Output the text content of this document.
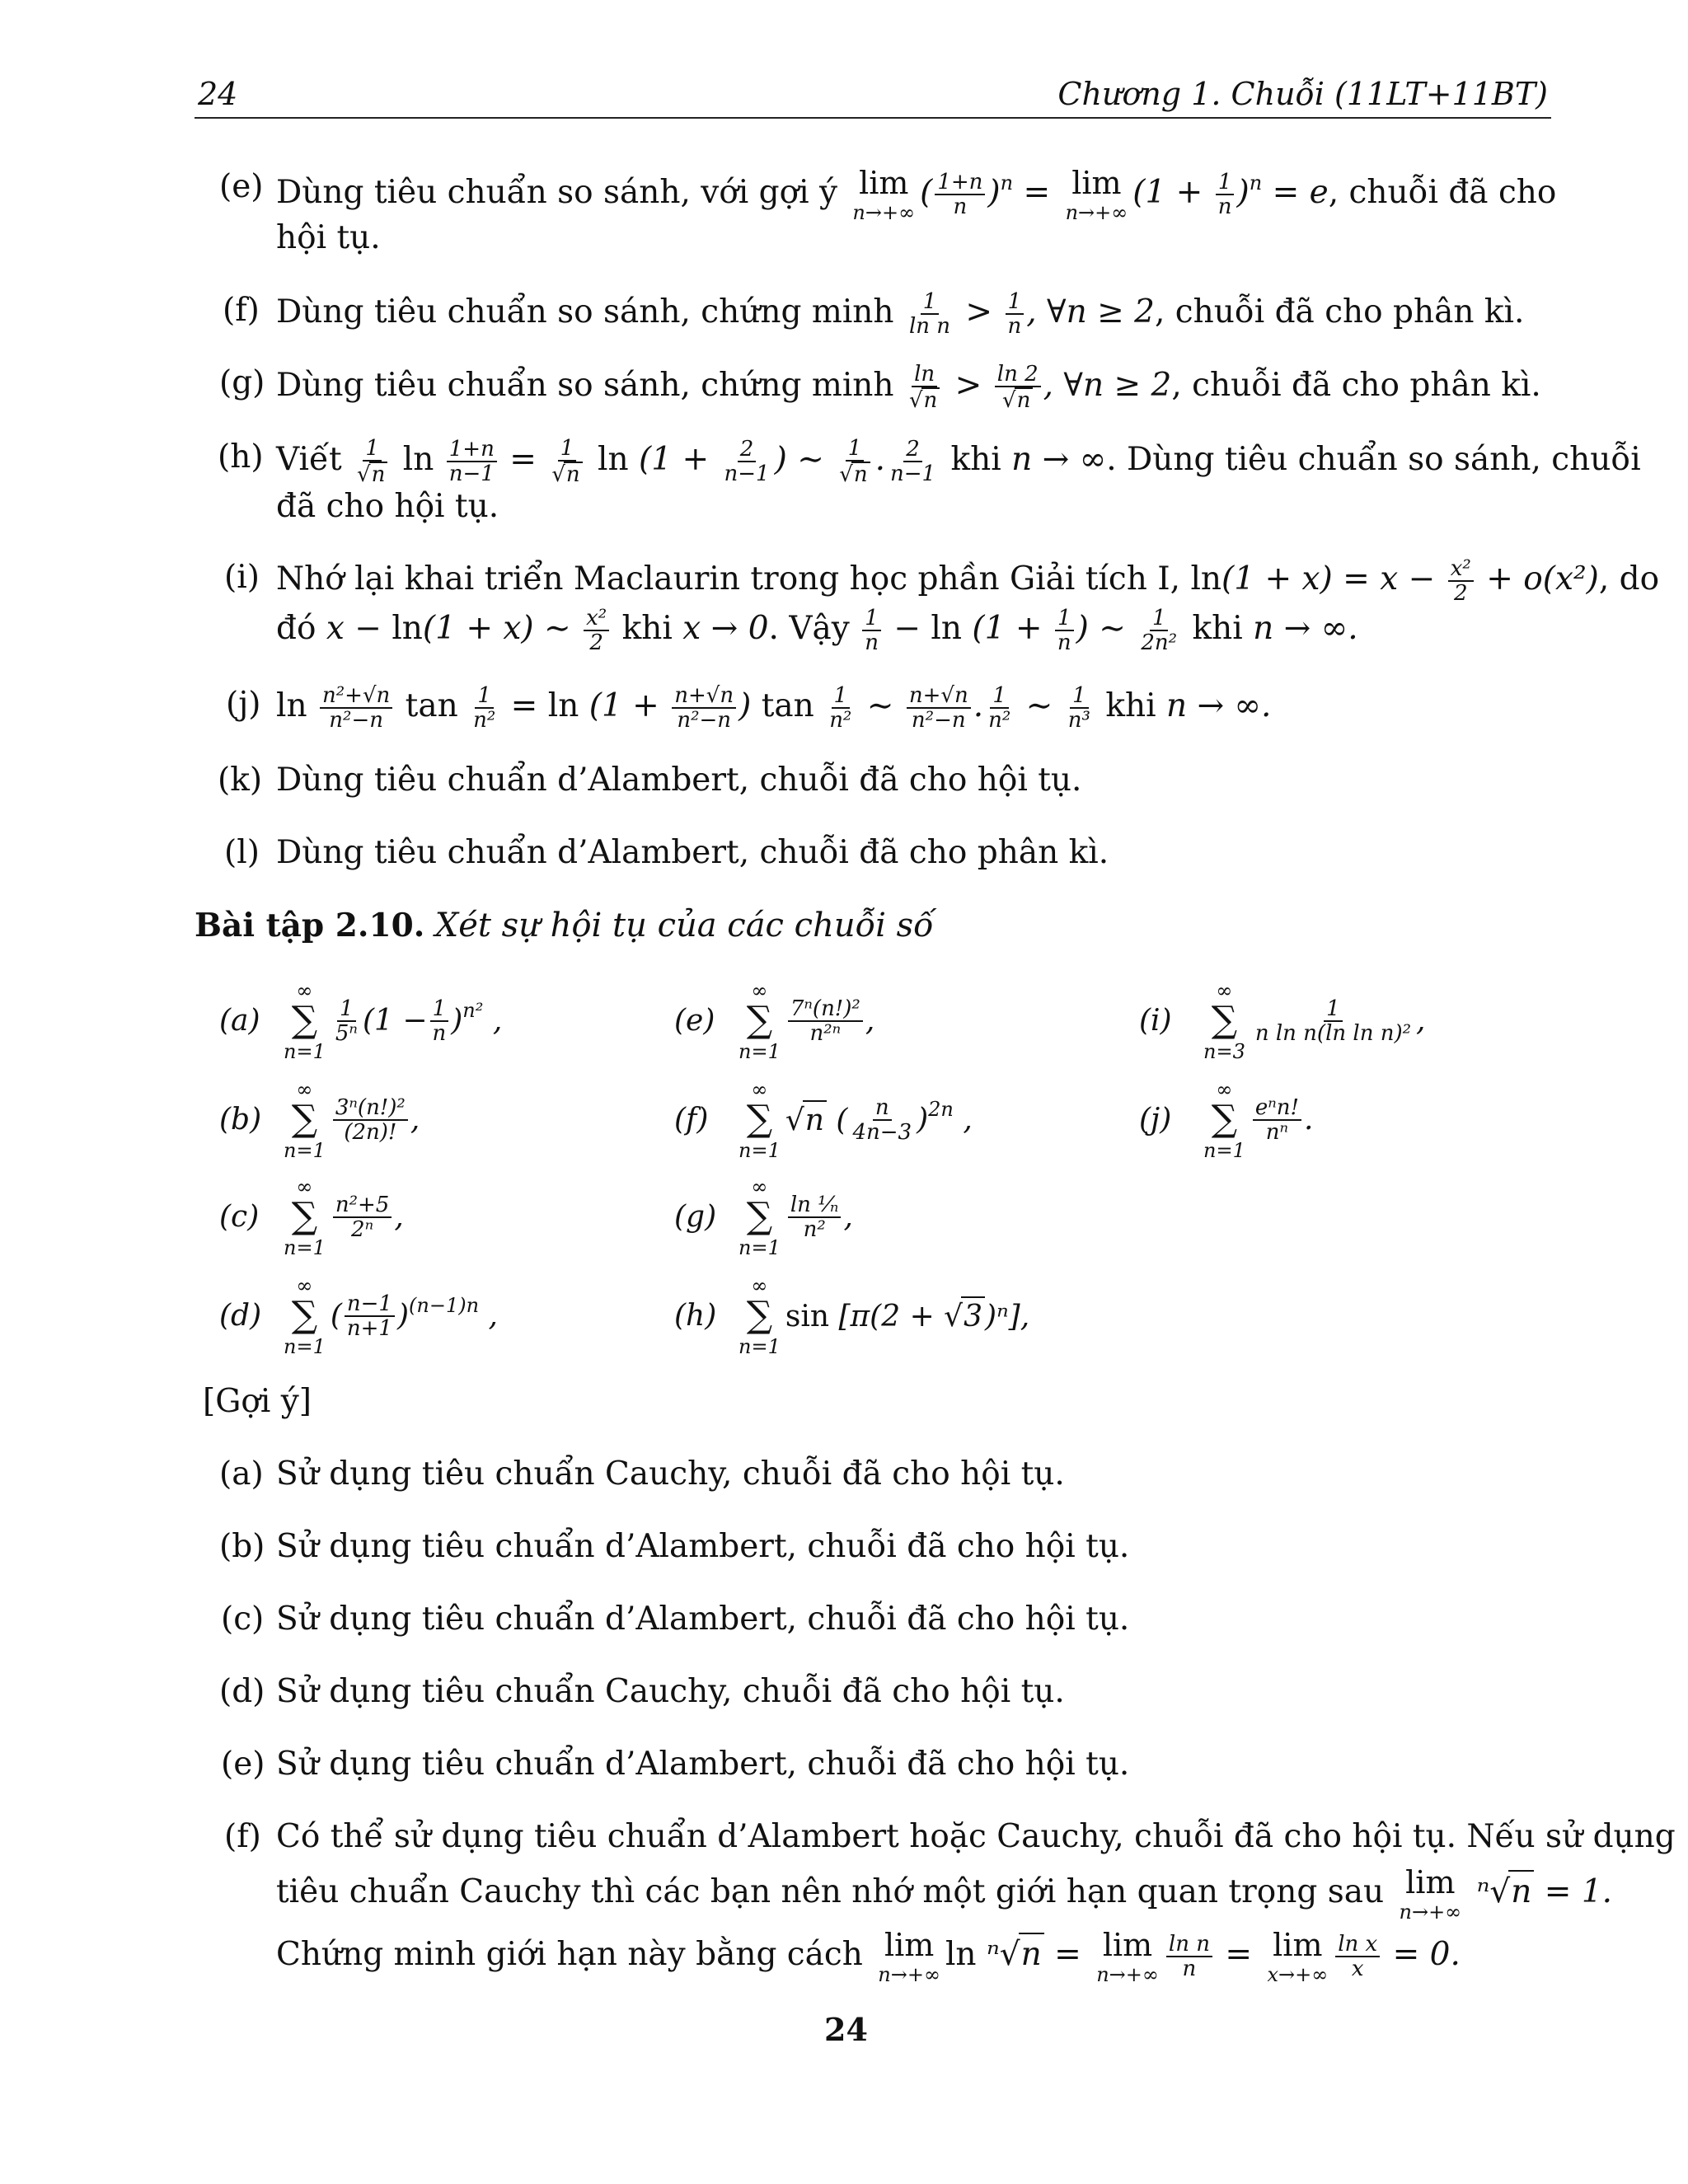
24	Chương 1. Chuỗi (11LT+11BT)
(e) Dùng tiêu chuẩn so sánh, với gợi ý lim
n→+∞
( $\frac{1+n}{n} )^n = \lim$
n→+∞
$(1 + \frac{1}{n} )^n = e$, chuỗi đã cho
hội tụ.
(f) Dùng tiêu chuẩn so sánh, chứng minh $\frac{1}{\text{ln n}} > \frac{1}{n}$ , ∀n ≥ 2, chuỗi đã cho phân kì.
(g) Dùng tiêu chuẩn so sánh, chứng minh $\frac{\ln}{√n} > \frac{\ln 2}{√n}$ , ∀n ≥ 2, chuỗi đã cho phân kì.
(h) Viết $\frac{1}{√n}$ $\ln \frac{1+n}{n-1} = \frac{1}{√n}$ $\ln (1 + \frac{2}{n-1}$ ) ∼ $\frac{1}{√n}$ . $\frac{2}{n-1}$ khi n → ∞. Dùng tiêu chuẩn so sánh, chuỗi
đã cho hội tụ.
(i) Nhớ lại khai triển Maclaurin trong học phần Giải tích I, $\ln(1 + x) = x - \frac{\text{x²}}{2} + o(x^2)$, do
đó x − ln(1 + x) ∼ $\frac{\text{x²}}{2}$ khi x → 0. Vậy $\frac{1}{n} - \ln (1 + \frac{1}{n}$ ) ∼ $\frac{1}{\text{2n²}}$ khi n → ∞.
(j) $\ln \frac{\text{n²+√n}}{\text{n²−n}}$ $\tan \frac{1}{\text{n²}} = \ln (1 + \frac{n+√n}{\text{n²−n}}$ ) $\tan \frac{1}{\text{n²}}$ ∼ $\frac{n+√n}{\text{n²−n}}$ . $\frac{1}{\text{n²}}$ ∼ $\frac{1}{\text{n³}}$ khi n → ∞.
(k) Dùng tiêu chuẩn d’Alambert, chuỗi đã cho hội tụ.
(l) Dùng tiêu chuẩn d’Alambert, chuỗi đã cho phân kì.
Bài tập 2.10. Xét sự hội tụ của các chuỗi số
(a)
∞
∑
n=1
$\frac{1}{\text{5ⁿ}} (1 - \frac{1}{n} )^{n^2}$ ,
(b)
∞
∑
n=1
$\frac{\text{3ⁿ(n!)²}}{(2n)!}$ ,
(c)
∞
∑
n=1
$\frac{\text{n²+5}}{\text{2ⁿ}}$ ,
(d)
∞
∑
n=1
( $\frac{n-1}{n+1} )^{(n-1)n}$ ,
(e)
∞
∑
n=1
$\frac{\text{7ⁿ(n!)²}}{\text{n²ⁿ}}$ ,
(f)
∞
∑
n=1
√n ( $\frac{n}{4n-3} )^{2n}$ ,
(g)
∞
∑
n=1
$\frac{\text{ln ¹⁄ₙ}}{\text{n²}}$ ,
(h)
∞
∑
n=1
sin [π(2 + √3)ⁿ],
(i)
∞
∑
n=3
$\frac{1}{\text{n ln n(ln ln n)²}}$ ,
(j)
∞
∑
n=1
$\frac{\text{eⁿn!}}{\text{nⁿ}}$ .
[Gợi ý]
(a) Sử dụng tiêu chuẩn Cauchy, chuỗi đã cho hội tụ.
(b) Sử dụng tiêu chuẩn d’Alambert, chuỗi đã cho hội tụ.
(c) Sử dụng tiêu chuẩn d’Alambert, chuỗi đã cho hội tụ.
(d) Sử dụng tiêu chuẩn Cauchy, chuỗi đã cho hội tụ.
(e) Sử dụng tiêu chuẩn d’Alambert, chuỗi đã cho hội tụ.
(f) Có thể sử dụng tiêu chuẩn d’Alambert hoặc Cauchy, chuỗi đã cho hội tụ. Nếu sử dụng
tiêu chuẩn Cauchy thì các bạn nên nhớ một giới hạn quan trọng sau lim
n→+∞
ⁿ√n = 1.
Chứng minh giới hạn này bằng cách lim
n→+∞
ln ⁿ√n = lim
$n\to+\infty \frac{\text{ln n}}{n} = \lim$
$x\to+\infty \frac{\text{ln x}}{x} = 0$.
24
